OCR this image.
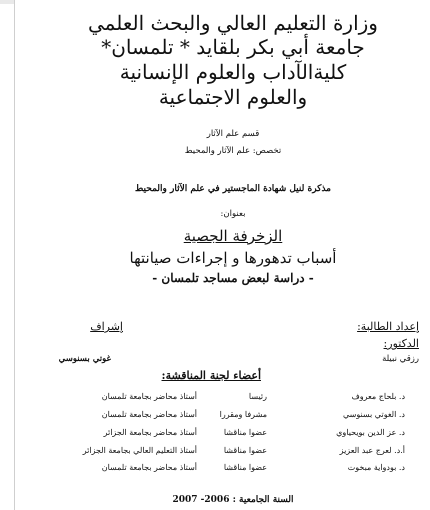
وزارة التعليم العالي والبحث العلمي
جامعة أبي بكر بلقايد * تلمسان*
كلية‌الآداب والعلوم الإنسانية
والعلوم الاجتماعية
قسم علم الآثار
تخصص: علم الآثار والمحيط
مذكرة لنيل شهادة الماجستير في علم الآثار والمحيط
بعنوان:
الزخرفة الجصية
أسباب تدهورها و إجراءات صيانتها
- دراسة لبعض مساجد تلمسان -
إعداد الطالبة:
إشراف
الدكتور:
رزقي نبيلة
غوتي بسنوسي
أعضاء لجنة المناقشة:
د. بلحاج معروف
رئيسا
أستاذ محاضر بجامعة تلمسان
د. الغوتي بسنوسي
مشرفا ومقررا
أستاذ محاضر بجامعة تلمسان
د. عز الدين بويحياوي
عضوا مناقشا
أستاذ محاضر بجامعة الجزائر
أ.د. لعرج عبد العزيز
عضوا مناقشا
أستاذ التعليم العالي بجامعة الجزائر
د. بودواية مبخوت
عضوا مناقشا
أستاذ محاضر بجامعة تلمسان
السنة الجامعية : 2006- 2007
